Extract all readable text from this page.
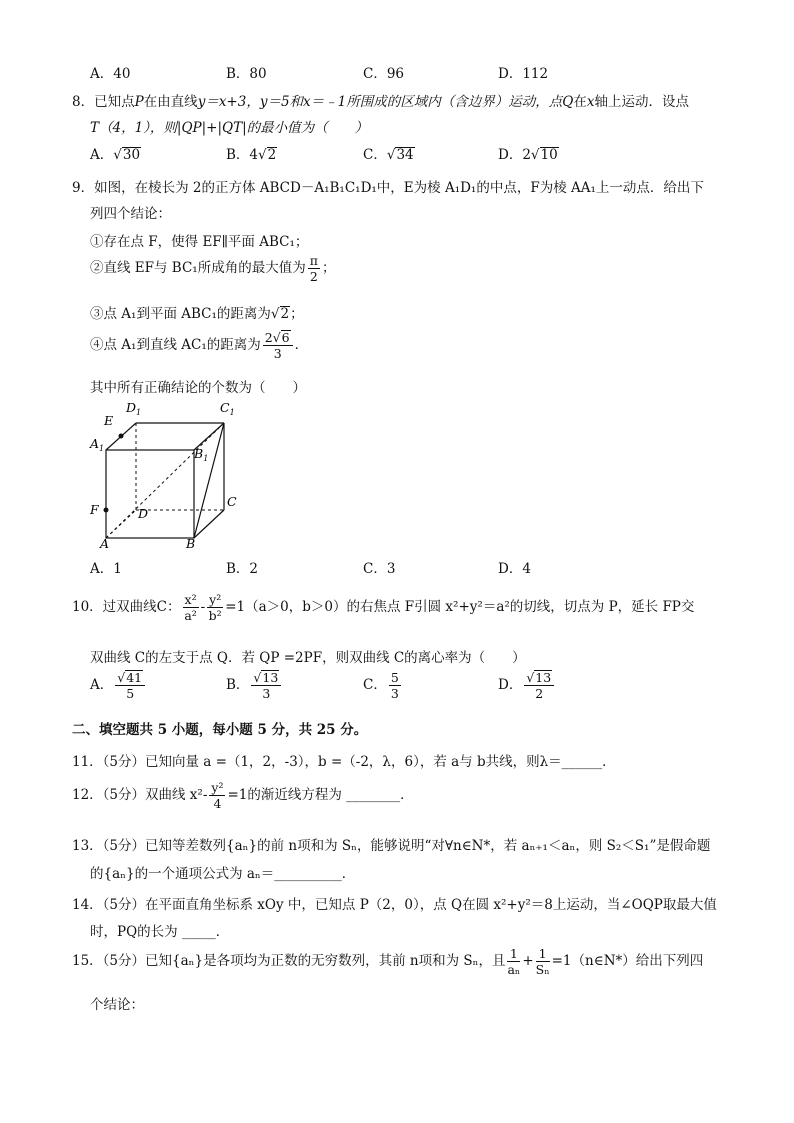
A．40	B．80	C．96	D．112
8．已知点P在由直线y＝x+3，y＝5和x＝﹣1所围成的区域内（含边界）运动，点Q在x轴上运动．设点
T（4，1），则|QP|+|QT|的最小值为（　　）
A．√30	B．4√2	C．√34	D．2√10
9．如图，在棱长为 2的正方体 ABCD－A₁B₁C₁D₁中，E为棱 A₁D₁的中点，F为棱 AA₁上一动点．给出下
列四个结论：
①存在点 F，使得 EF∥平面 ABC₁；
②直线 EF与 BC₁所成角的最大值为 $\frac{\pi}{2}$ ；
③点 A₁到平面 ABC₁的距离为√2；
④点 A₁到直线 AC₁的距离为 $\frac{2√6}{3}$ ．
其中所有正确结论的个数为（　　）
E
$D_1$	$C_1$
$A_1$	$B_1$
F	D
C
A	B
A．1	B．2	C．3	D．4
10．过双曲线C： $\frac{\text{x²}}{\text{a²}} - \frac{\text{y²}}{\text{b²}} =1(a>0$，b＞0）的右焦点 F引圆 x²+y²＝a²的切线，切点为 P，延长 FP交
双曲线 C的左支于点 Q．若 QP =2PF，则双曲线 C的离心率为（　　）
A． $\frac{√41}{5}$	B． $\frac{√13}{3}$	C． $\frac{5}{3}$	D． $\frac{√13}{2}$
二、填空题共 5 小题，每小题 5 分，共 25 分。
11．（5分）已知向量 a =（1，2，-3），b =（-2，λ，6），若 a与 b共线，则λ＝______．
12．（5分）双曲线 $x^2- \frac{\text{y²}}{4} =1$的渐近线方程为 ________．
13．（5分）已知等差数列{aₙ}的前 n项和为 Sₙ，能够说明“对∀n∈N*，若 aₙ₊₁＜aₙ，则 S₂＜S₁”是假命题
的{aₙ}的一个通项公式为 aₙ＝__________．
14．（5分）在平面直角坐标系 xOy 中，已知点 P（2，0），点 Q在圆 x²+y²＝8上运动，当∠OQP取最大值
时，PQ的长为 _____．
15．（5分）已知{aₙ}是各项均为正数的无穷数列，其前 n项和为 Sₙ，且 $\frac{1}{\text{aₙ}} + \frac{1}{\text{Sₙ}}$ =1（n∈N*）给出下列四
个结论：
